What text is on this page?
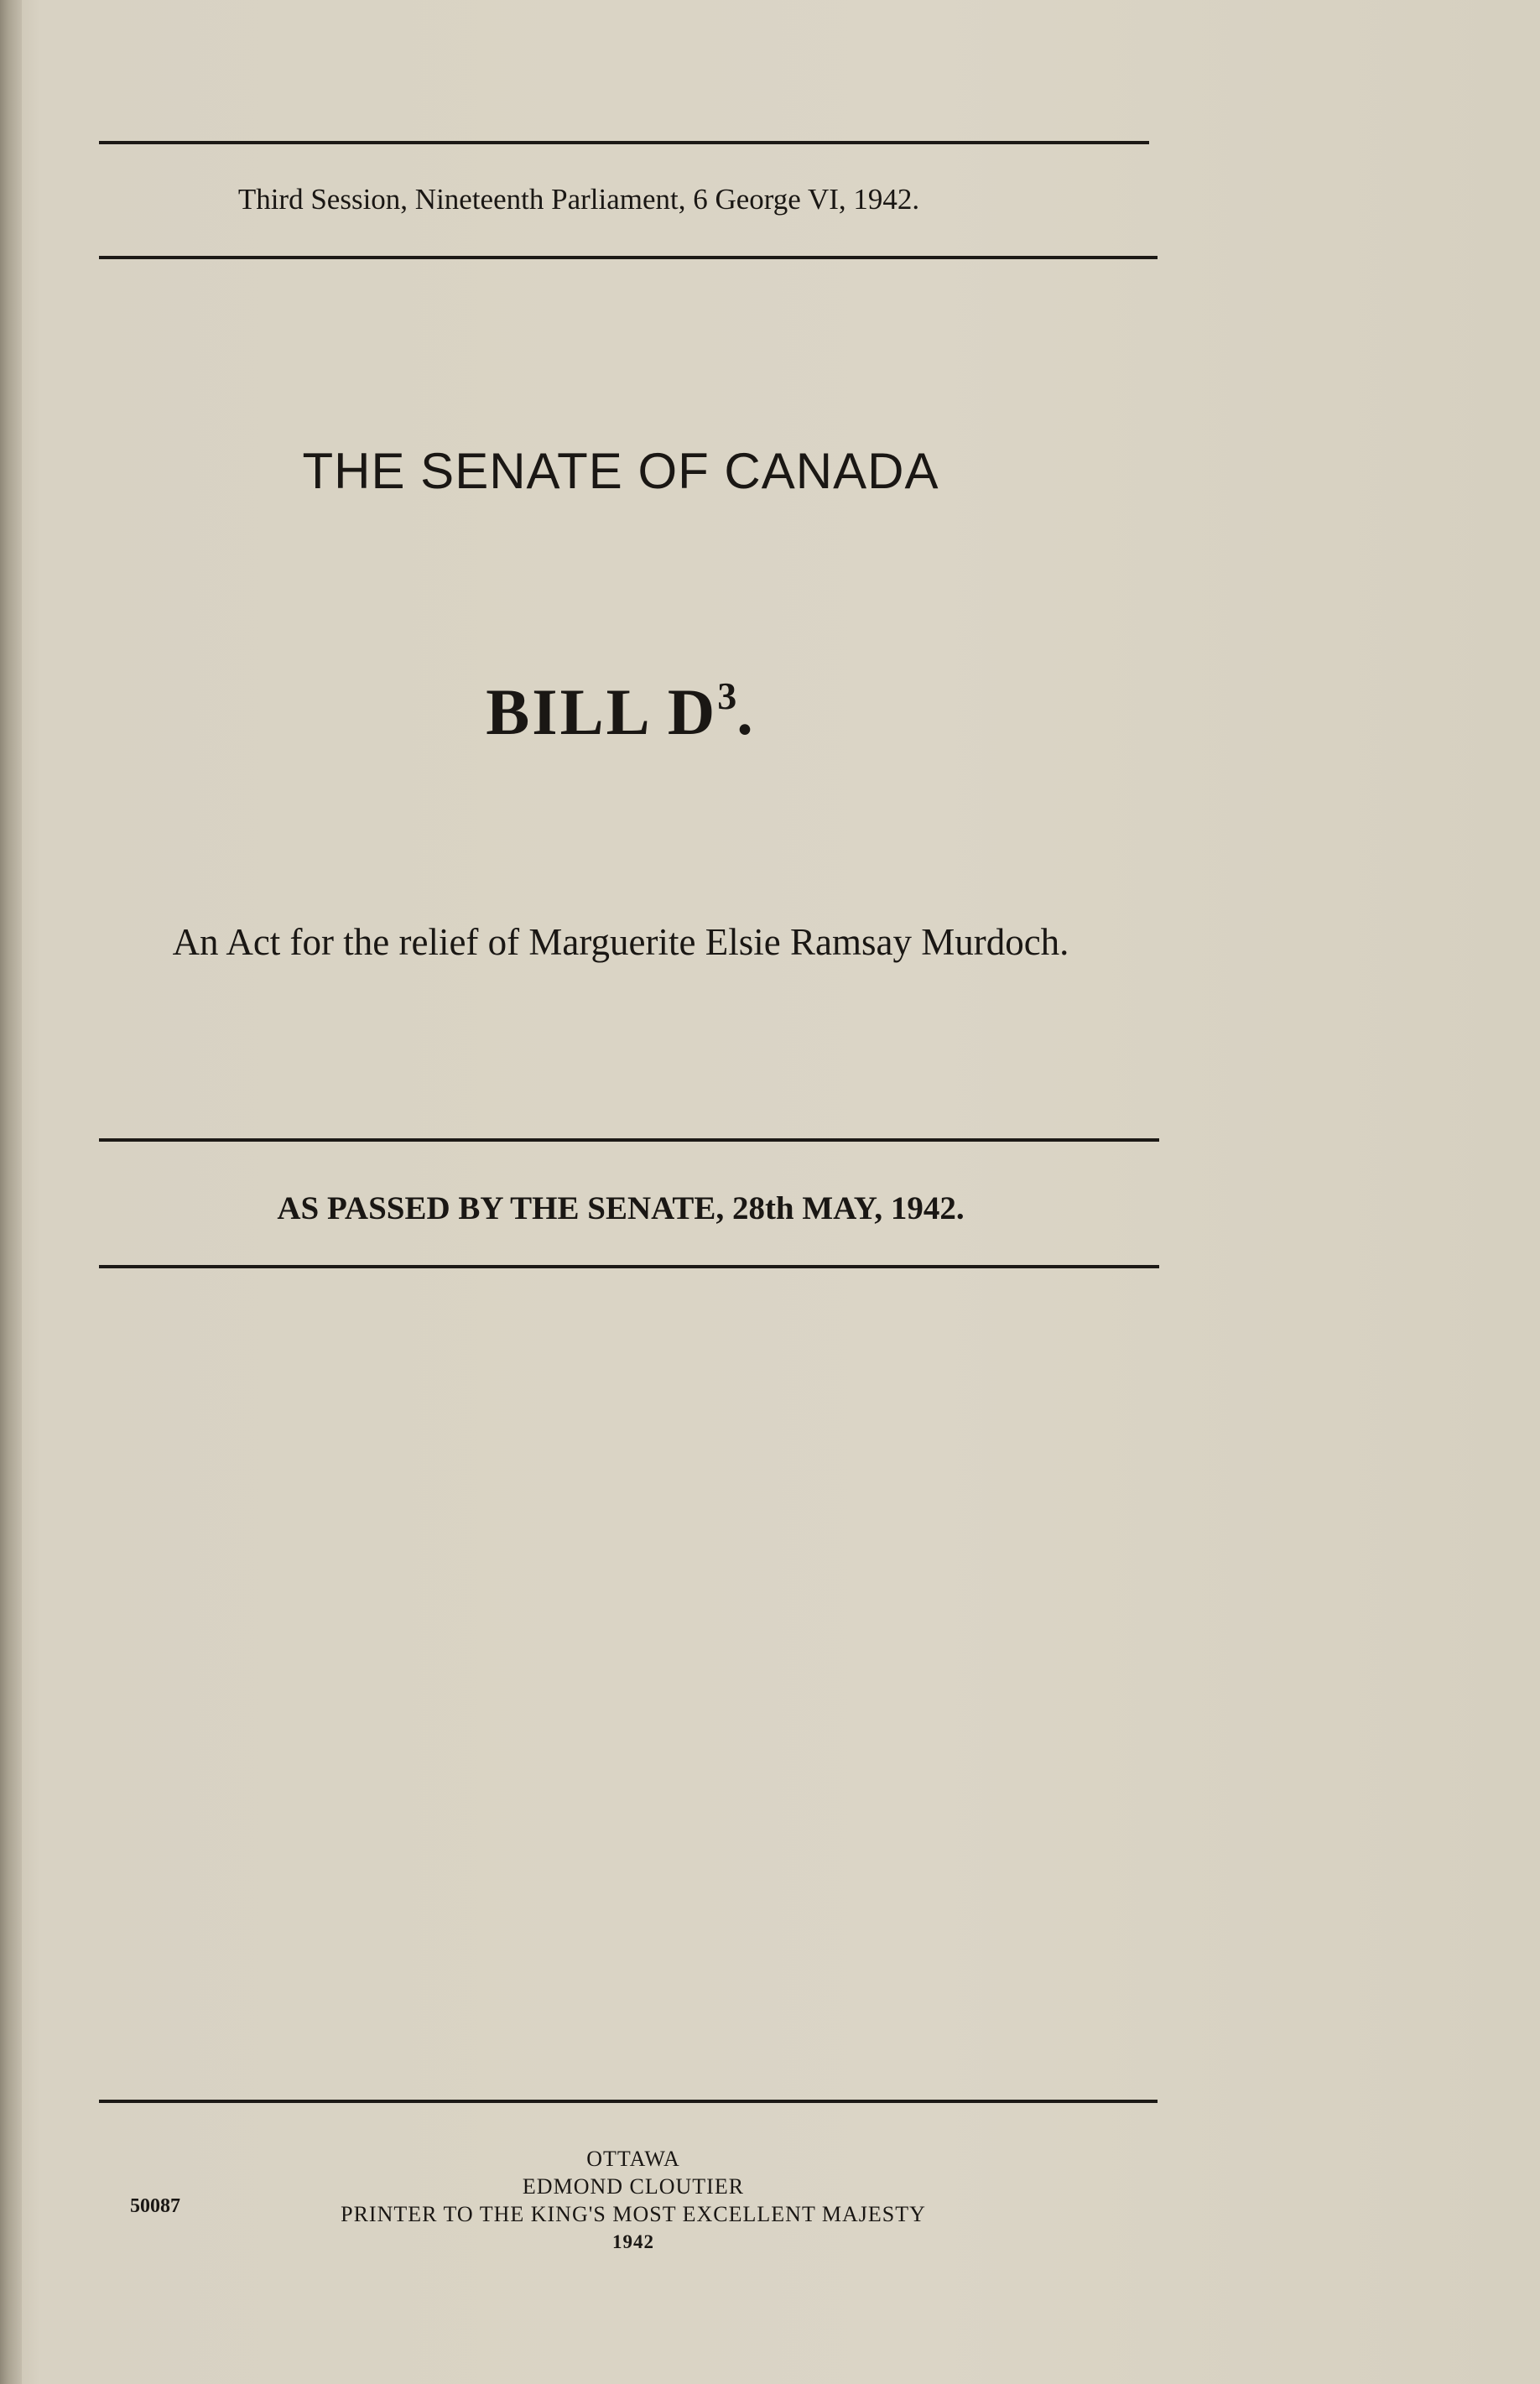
Third Session, Nineteenth Parliament, 6 George VI, 1942.
THE SENATE OF CANADA
BILL $D^3$.
An Act for the relief of Marguerite Elsie Ramsay Murdoch.
AS PASSED BY THE SENATE, 28th MAY, 1942.
OTTAWA
EDMOND CLOUTIER
PRINTER TO THE KING'S MOST EXCELLENT MAJESTY
1942
50087
